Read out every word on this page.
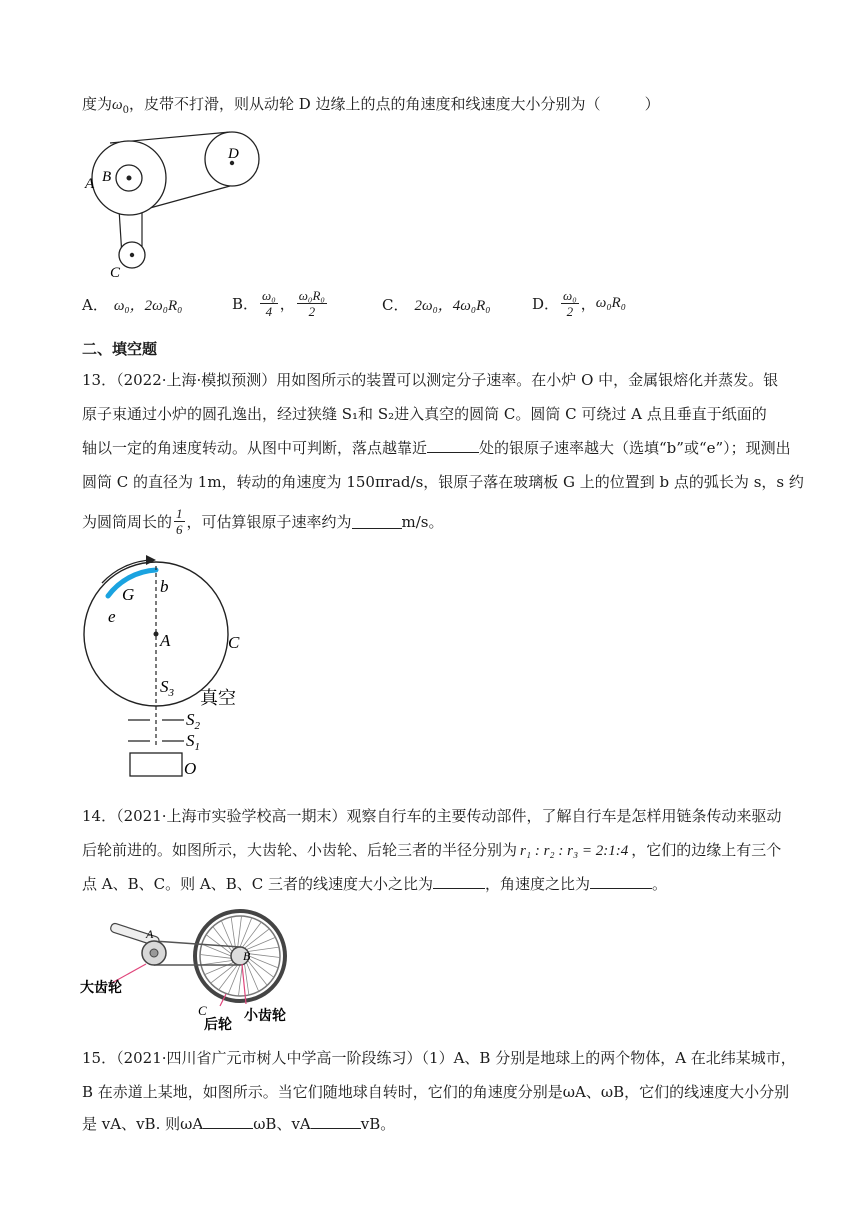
度为$\omega_0$，皮带不打滑，则从动轮 D 边缘上的点的角速度和线速度大小分别为（	）
A B
C
D
A． ω₀，2ω₀R₀	B． $\frac{\text{ω₀}}{4}$ ， $\frac{\text{ω₀R₀}}{2}$	C． 2ω₀，4ω₀R₀	D． $\frac{\text{ω₀}}{2}$ ， ω₀R₀
二、填空题
13．（2022·上海·模拟预测）用如图所示的装置可以测定分子速率。在小炉 O 中，金属银熔化并蒸发。银
原子束通过小炉的圆孔逸出，经过狭缝 S₁和 S₂进入真空的圆筒 C。圆筒 C 可绕过 A 点且垂直于纸面的
轴以一定的角速度转动。从图中可判断，落点越靠近	处的银原子速率越大（选填“b”或“e”）；现测出
圆筒 C 的直径为 1m，转动的角速度为 150πrad/s，银原子落在玻璃板 G 上的位置到 b 点的弧长为 s，s 约
为圆筒周长的 $\frac{1}{6}$ ，可估算银原子速率约为	m/s。
b
G
e
A	C
$S_3$ 真空
$S_2$
$S_1$
O
14．（2021·上海市实验学校高一期末）观察自行车的主要传动部件，了解自行车是怎样用链条传动来驱动
后轮前进的。如图所示，大齿轮、小齿轮、后轮三者的半径分别为 r₁ : r₂ : r₃ = 2:1:4 ，它们的边缘上有三个
点 A、B、C。则 A、B、C 三者的线速度大小之比为	，角速度之比为	。
A
B
C
大齿轮
后轮
小齿轮
15．（2021·四川省广元市树人中学高一阶段练习）（1）A、B 分别是地球上的两个物体，A 在北纬某城市，
B 在赤道上某地，如图所示。当它们随地球自转时，它们的角速度分别是ωA、ωB，它们的线速度大小分别
是 vA、vB. 则ωA	ωB、vA	vB。
